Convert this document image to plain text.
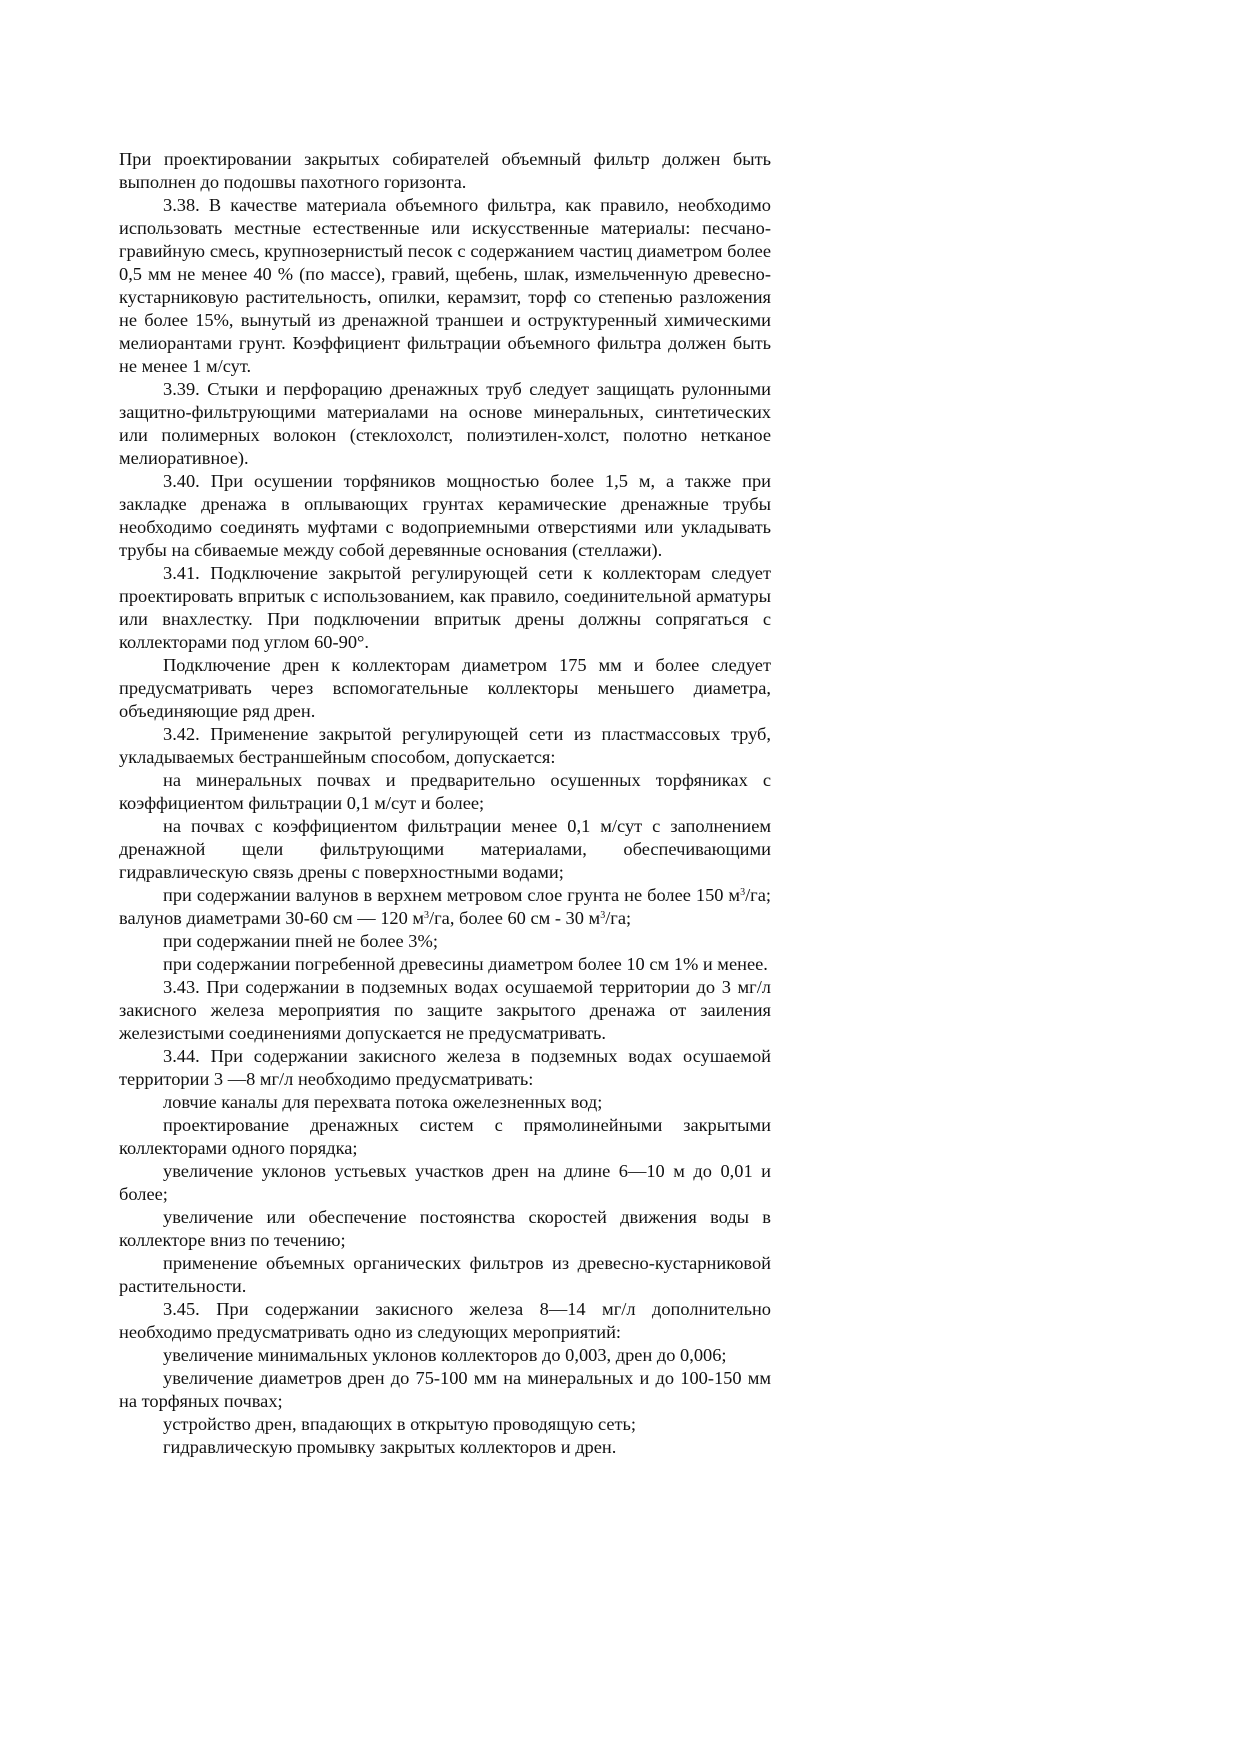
При проектировании закрытых собирателей объемный фильтр должен быть выполнен до подошвы пахотного горизонта.

3.38. В качестве материала объемного фильтра, как правило, необходимо использовать местные естественные или искусственные материалы: песчано-гравийную смесь, крупнозернистый песок с содержанием частиц диаметром более 0,5 мм не менее 40 % (по массе), гравий, щебень, шлак, измельченную древесно-кустарниковую растительность, опилки, керамзит, торф со степенью разложения не более 15%, вынутый из дренажной траншеи и оструктуренный химическими мелиорантами грунт. Коэффициент фильтрации объемного фильтра должен быть не менее 1 м/сут.

3.39. Стыки и перфорацию дренажных труб следует защищать рулонными защитно-фильтрующими материалами на основе минеральных, синтетических или полимерных волокон (стеклохолст, полиэтилен-холст, полотно нетканое мелиоративное).

3.40. При осушении торфяников мощностью более 1,5 м, а также при закладке дренажа в оплывающих грунтах керамические дренажные трубы необходимо соединять муфтами с водоприемными отверстиями или укладывать трубы на сбиваемые между собой деревянные основания (стеллажи).

3.41. Подключение закрытой регулирующей сети к коллекторам следует проектировать впритык с использованием, как правило, соединительной арматуры или внахлестку. При подключении впритык дрены должны сопрягаться с коллекторами под углом 60-90°.

Подключение дрен к коллекторам диаметром 175 мм и более следует предусматривать через вспомогательные коллекторы меньшего диаметра, объединяющие ряд дрен.

3.42. Применение закрытой регулирующей сети из пластмассовых труб, укладываемых бестраншейным способом, допускается:

на минеральных почвах и предварительно осушенных торфяниках с коэффициентом фильтрации 0,1 м/сут и более;

на почвах с коэффициентом фильтрации менее 0,1 м/сут с заполнением дренажной щели фильтрующими материалами, обеспечивающими гидравлическую связь дрены с поверхностными водами;

при содержании валунов в верхнем метровом слое грунта не более 150 $м^3/га$; валунов диаметрами 30-60 см — 120 $м^3/га$, более 60 см - 30 $м^3/га$;

при содержании пней не более 3%;

при содержании погребенной древесины диаметром более 10 см 1% и менее.

3.43. При содержании в подземных водах осушаемой территории до 3 мг/л закисного железа мероприятия по защите закрытого дренажа от заиления железистыми соединениями допускается не предусматривать.

3.44. При содержании закисного железа в подземных водах осушаемой территории 3 —8 мг/л необходимо предусматривать:

ловчие каналы для перехвата потока ожелезненных вод;

проектирование дренажных систем с прямолинейными закрытыми коллекторами одного порядка;

увеличение уклонов устьевых участков дрен на длине 6—10 м до 0,01 и более;

увеличение или обеспечение постоянства скоростей движения воды в коллекторе вниз по течению;

применение объемных органических фильтров из древесно-кустарниковой растительности.

3.45. При содержании закисного железа 8—14 мг/л дополнительно необходимо предусматривать одно из следующих мероприятий:

увеличение минимальных уклонов коллекторов до 0,003, дрен до 0,006;

увеличение диаметров дрен до 75-100 мм на минеральных и до 100-150 мм на торфяных почвах;

устройство дрен, впадающих в открытую проводящую сеть;

гидравлическую промывку закрытых коллекторов и дрен.
